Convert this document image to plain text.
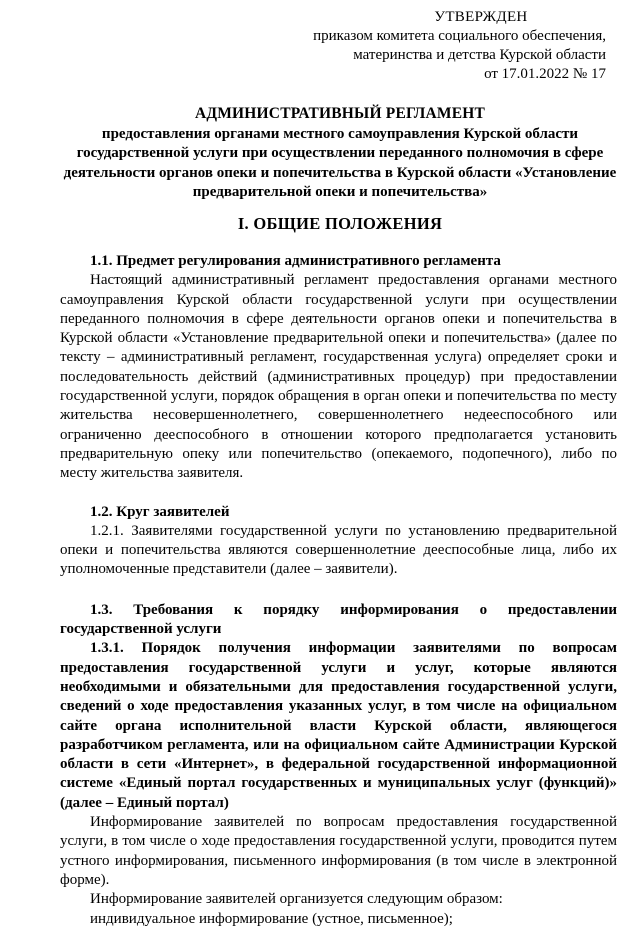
УТВЕРЖДЕН
приказом комитета социального обеспечения,
материнства и детства Курской области
от 17.01.2022 № 17
АДМИНИСТРАТИВНЫЙ РЕГЛАМЕНТ
предоставления органами местного самоуправления Курской области государственной услуги при осуществлении переданного полномочия в сфере деятельности органов опеки и попечительства в Курской области «Установление предварительной опеки и попечительства»
I. ОБЩИЕ ПОЛОЖЕНИЯ

1.1. Предмет регулирования административного регламента

Настоящий административный регламент предоставления органами местного самоуправления Курской области государственной услуги при осуществлении переданного полномочия в сфере деятельности органов опеки и попечительства в Курской области «Установление предварительной опеки и попечительства» (далее по тексту – административный регламент, государственная услуга) определяет сроки и последовательность действий (административных процедур) при предоставлении государственной услуги, порядок обращения в орган опеки и попечительства по месту жительства несовершеннолетнего, совершеннолетнего недееспособного или ограниченно дееспособного в отношении которого предполагается установить предварительную опеку или попечительство (опекаемого, подопечного), либо по месту жительства заявителя.

1.2. Круг заявителей

1.2.1. Заявителями государственной услуги по установлению предварительной опеки и попечительства являются совершеннолетние дееспособные лица, либо их уполномоченные представители (далее – заявители).

1.3. Требования к порядку информирования о предоставлении государственной услуги

1.3.1. Порядок получения информации заявителями по вопросам предоставления государственной услуги и услуг, которые являются необходимыми и обязательными для предоставления государственной услуги, сведений о ходе предоставления указанных услуг, в том числе на официальном сайте органа исполнительной власти Курской области, являющегося разработчиком регламента, или на официальном сайте Администрации Курской области в сети «Интернет», в федеральной государственной информационной системе «Единый портал государственных и муниципальных услуг (функций)» (далее – Единый портал)

Информирование заявителей по вопросам предоставления государственной услуги, в том числе о ходе предоставления государственной услуги, проводится путем устного информирования, письменного информирования (в том числе в электронной форме).

Информирование заявителей организуется следующим образом:

индивидуальное информирование (устное, письменное);
